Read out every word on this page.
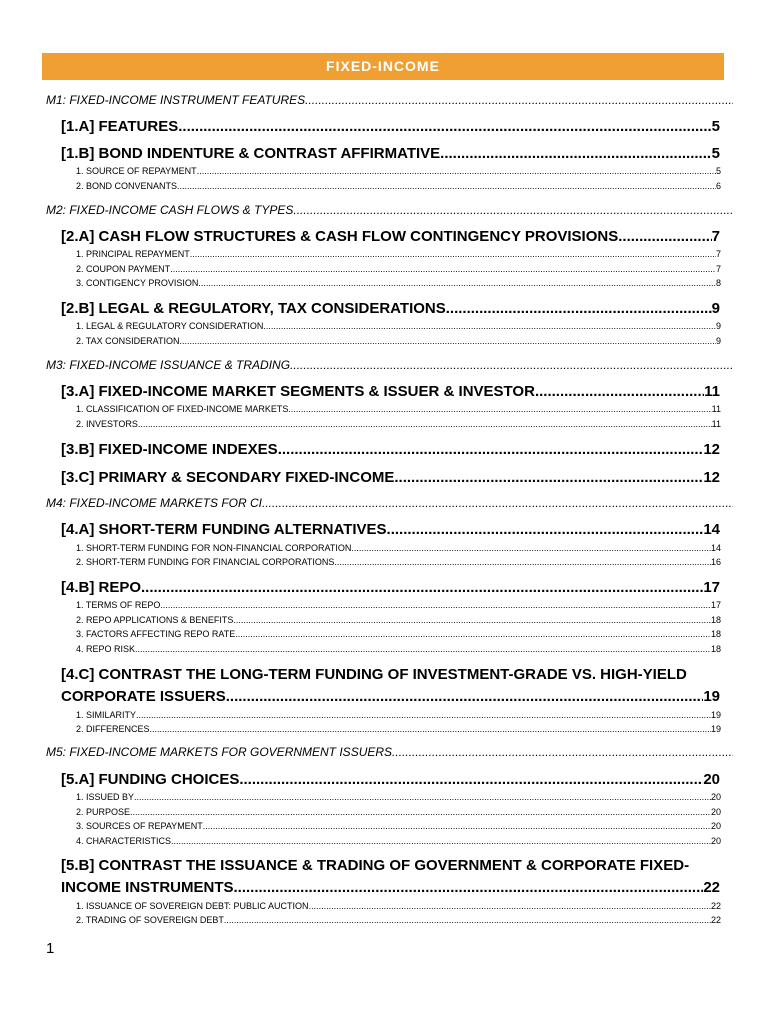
FIXED-INCOME
M1: FIXED-INCOME INSTRUMENT FEATURES
.....
[1.A] FEATURES .....	5
[1.B] BOND INDENTURE & CONTRAST AFFIRMATIVE .....	5
1. SOURCE OF REPAYMENT .....	5
2. BOND CONVENANTS .....	6
M2: FIXED-INCOME CASH FLOWS & TYPES
.....
[2.A] CASH FLOW STRUCTURES & CASH FLOW CONTINGENCY PROVISIONS .....	7
1. PRINCIPAL REPAYMENT .....	7
2. COUPON PAYMENT .....	7
3. CONTIGENCY PROVISION .....	8
[2.B] LEGAL & REGULATORY, TAX CONSIDERATIONS .....	9
1. LEGAL & REGULATORY CONSIDERATION .....	9
2. TAX CONSIDERATION .....	9
M3: FIXED-INCOME ISSUANCE & TRADING
.....
[3.A] FIXED-INCOME MARKET SEGMENTS & ISSUER & INVESTOR .....	11
1. CLASSIFICATION OF FIXED-INCOME MARKETS .....	11
2. INVESTORS .....	11
[3.B] FIXED-INCOME INDEXES .....	12
[3.C] PRIMARY & SECONDARY FIXED-INCOME .....	12
M4: FIXED-INCOME MARKETS FOR CI
.....
[4.A] SHORT-TERM FUNDING ALTERNATIVES .....	14
1. SHORT-TERM FUNDING FOR NON-FINANCIAL CORPORATION .....	14
2. SHORT-TERM FUNDING FOR FINANCIAL CORPORATIONS .....	16
[4.B] REPO .....	17
1. TERMS OF REPO .....	17
2. REPO APPLICATIONS & BENEFITS .....	18
3. FACTORS AFFECTING REPO RATE .....	18
4. REPO RISK .....	18
[4.C] CONTRAST THE LONG-TERM FUNDING OF INVESTMENT-GRADE VS. HIGH-YIELD
CORPORATE ISSUERS .....	19
1. SIMILARITY .....	19
2. DIFFERENCES .....	19
M5: FIXED-INCOME MARKETS FOR GOVERNMENT ISSUERS
.....
[5.A] FUNDING CHOICES .....	20
1. ISSUED BY .....	20
2. PURPOSE .....	20
3. SOURCES OF REPAYMENT .....	20
4. CHARACTERISTICS .....	20
[5.B] CONTRAST THE ISSUANCE & TRADING OF GOVERNMENT & CORPORATE FIXED-
INCOME INSTRUMENTS .....	22
1. ISSUANCE OF SOVEREIGN DEBT: PUBLIC AUCTION .....	22
2. TRADING OF SOVEREIGN DEBT .....	22
1
